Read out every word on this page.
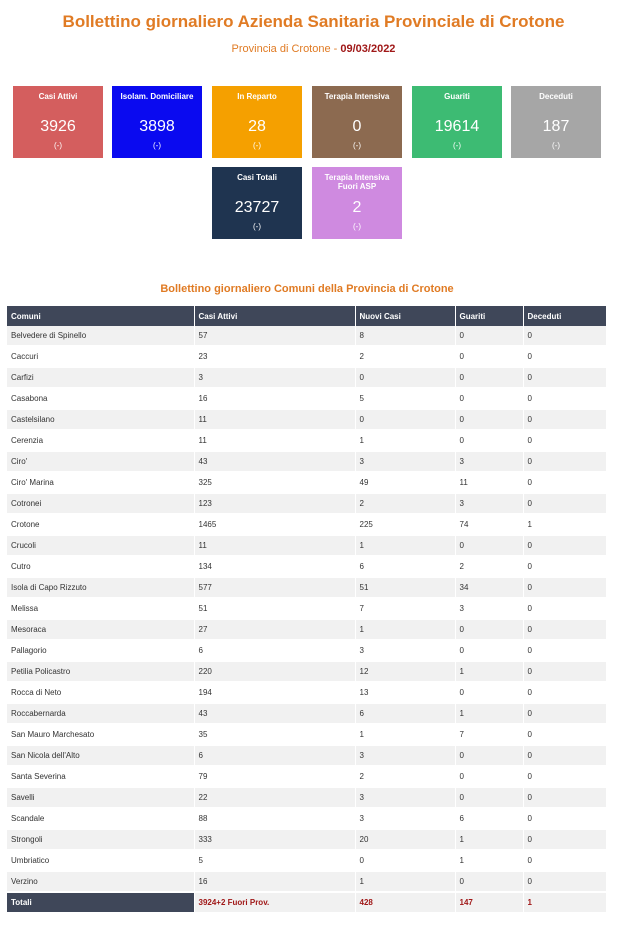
Bollettino giornaliero Azienda Sanitaria Provinciale di Crotone
Provincia di Crotone - 09/03/2022
Casi Attivi
3926
(-)
Isolam. Domiciliare
3898
(-)
In Reparto
28
(-)
Terapia Intensiva
0
(-)
Guariti
19614
(-)
Deceduti
187
(-)
Casi Totali
23727
(-)
Terapia Intensiva Fuori ASP
2
(-)
Bollettino giornaliero Comuni della Provincia di Crotone
Comuni	Casi Attivi	Nuovi Casi	Guariti	Deceduti
Belvedere di Spinello	57	8	0	0
Caccuri	23	2	0	0
Carfizi	3	0	0	0
Casabona	16	5	0	0
Castelsilano	11	0	0	0
Cerenzia	11	1	0	0
Ciro'	43	3	3	0
Ciro' Marina	325	49	11	0
Cotronei	123	2	3	0
Crotone	1465	225	74	1
Crucoli	11	1	0	0
Cutro	134	6	2	0
Isola di Capo Rizzuto	577	51	34	0
Melissa	51	7	3	0
Mesoraca	27	1	0	0
Pallagorio	6	3	0	0
Petilia Policastro	220	12	1	0
Rocca di Neto	194	13	0	0
Roccabernarda	43	6	1	0
San Mauro Marchesato	35	1	7	0
San Nicola dell'Alto	6	3	0	0
Santa Severina	79	2	0	0
Savelli	22	3	0	0
Scandale	88	3	6	0
Strongoli	333	20	1	0
Umbriatico	5	0	1	0
Verzino	16	1	0	0
Totali	3924+2 Fuori Prov.	428	147	1
